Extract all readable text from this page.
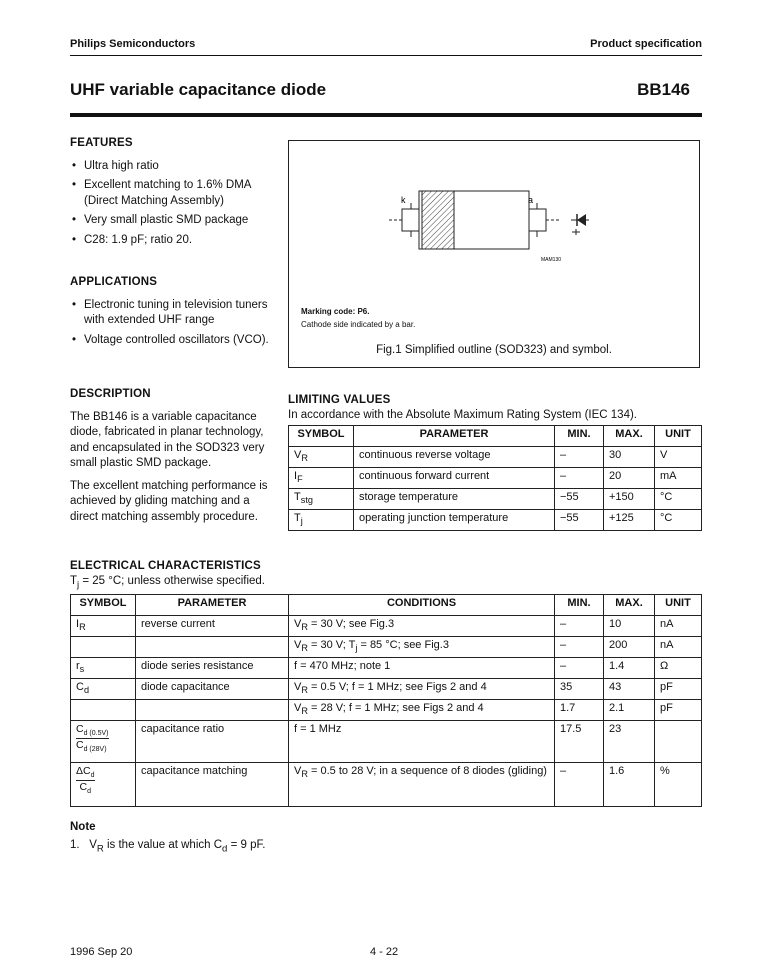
Philips Semiconductors	Product specification
UHF variable capacitance diode	BB146
FEATURES
• Ultra high ratio
• Excellent matching to 1.6% DMA (Direct Matching Assembly)
• Very small plastic SMD package
• C28: 1.9 pF; ratio 20.
APPLICATIONS
• Electronic tuning in television tuners with extended UHF range
• Voltage controlled oscillators (VCO).
DESCRIPTION

The BB146 is a variable capacitance diode, fabricated in planar technology, and encapsulated in the SOD323 very small plastic SMD package.

The excellent matching performance is achieved by gliding matching and a direct matching assembly procedure.

k	a
MAM130
Marking code: P6.
Cathode side indicated by a bar.
Fig.1 Simplified outline (SOD323) and symbol.
LIMITING VALUES
In accordance with the Absolute Maximum Rating System (IEC 134).
SYMBOL	PARAMETER	MIN.	MAX.	UNIT
$V_R$	continuous reverse voltage	–	30	V
$I_F$	continuous forward current	–	20	mA
$T_{stg}$	storage temperature	−55	+150	°C
$T_j$	operating junction temperature	−55	+125	°C
ELECTRICAL CHARACTERISTICS
$T_j = 25$ °C; unless otherwise specified.
SYMBOL	PARAMETER	CONDITIONS	MIN.	MAX.	UNIT
$I_R$	reverse current	$V_R = 30$ V; see Fig.3	–	10	nA
		$V_R = 30$ V; $T_j = 85$ °C; see Fig.3	–	200	nA
$r_s$	diode series resistance	f = 470 MHz; note 1	–	1.4	Ω
$C_d$	diode capacitance	$V_R = 0.5$ V; f = 1 MHz; see Figs 2 and 4	35	43	pF
		$V_R = 28$ V; f = 1 MHz; see Figs 2 and 4	1.7	2.1	pF

$\frac{C_{d (0.5V)}}{C_{d (28V)}}$	capacitance ratio	f = 1 MHz	17.5	23	

$\Delta C_d$
$C_d$	capacitance matching	$V_R = 0.5$ to 28 V; in a sequence of 8 diodes (gliding)	–	1.6	%
Note
1. $V_R$ is the value at which $C_d = 9$ pF.
1996 Sep 20	4 - 22
